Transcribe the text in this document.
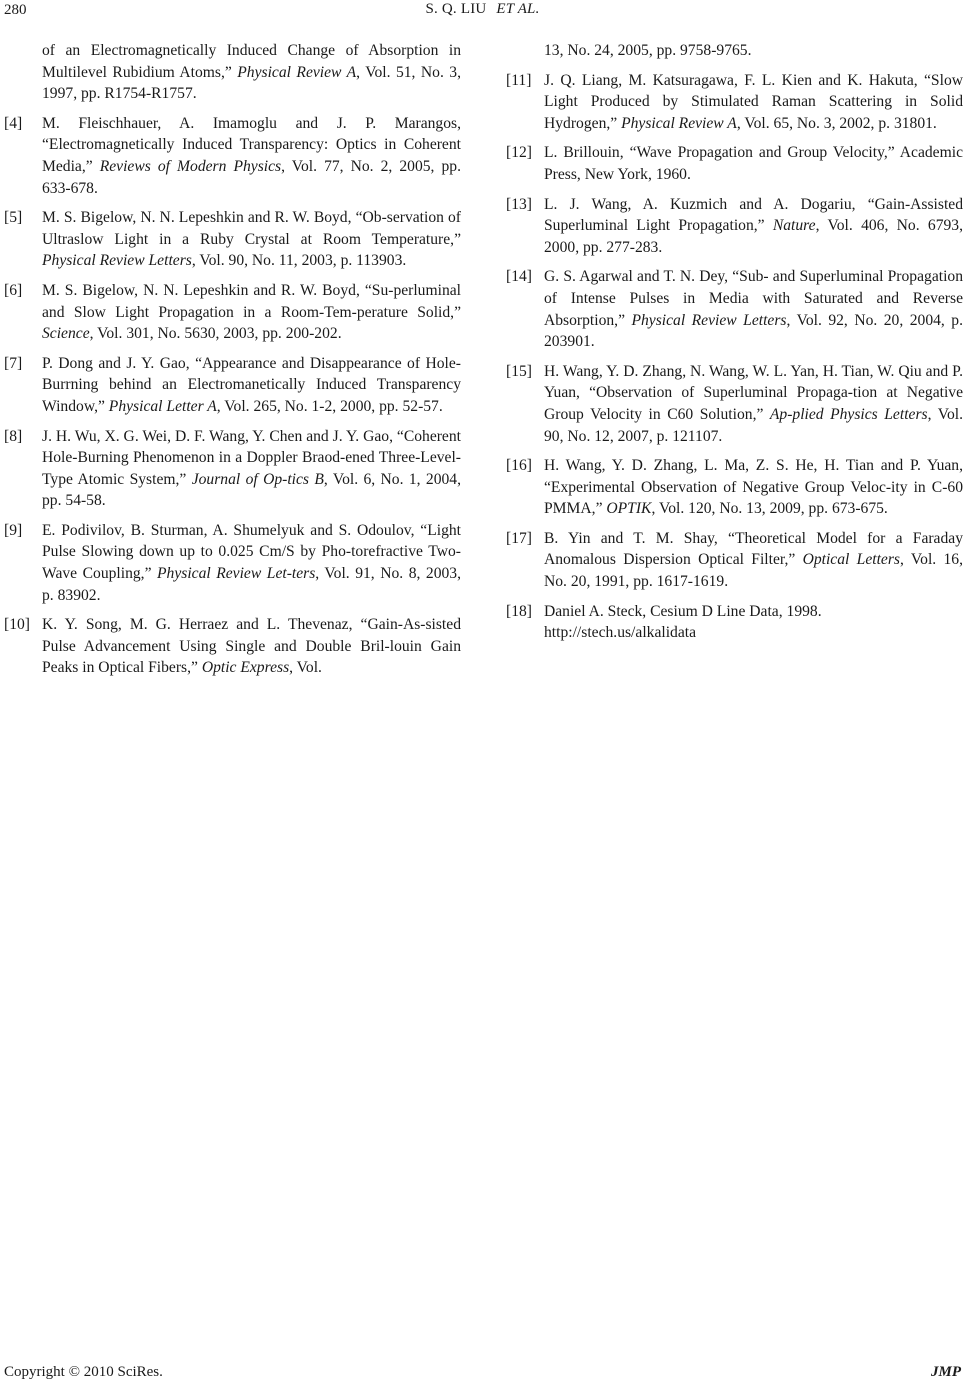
280	S. Q. LIU ET AL.
of an Electromagnetically Induced Change of Absorption in Multilevel Rubidium Atoms,” Physical Review A, Vol. 51, No. 3, 1997, pp. R1754-R1757.
[4]	M. Fleischhauer, A. Imamoglu and J. P. Marangos, “Electromagnetically Induced Transparency: Optics in Coherent Media,” Reviews of Modern Physics, Vol. 77, No. 2, 2005, pp. 633-678.
[5]	M. S. Bigelow, N. N. Lepeshkin and R. W. Boyd, “Ob-servation of Ultraslow Light in a Ruby Crystal at Room Temperature,” Physical Review Letters, Vol. 90, No. 11, 2003, p. 113903.
[6]	M. S. Bigelow, N. N. Lepeshkin and R. W. Boyd, “Su-perluminal and Slow Light Propagation in a Room-Tem-perature Solid,” Science, Vol. 301, No. 5630, 2003, pp. 200-202.
[7]	P. Dong and J. Y. Gao, “Appearance and Disappearance of Hole-Burrning behind an Electromanetically Induced Transparency Window,” Physical Letter A, Vol. 265, No. 1-2, 2000, pp. 52-57.
[8]	J. H. Wu, X. G. Wei, D. F. Wang, Y. Chen and J. Y. Gao, “Coherent Hole-Burning Phenomenon in a Doppler Braod-ened Three-Level-Type Atomic System,” Journal of Op-tics B, Vol. 6, No. 1, 2004, pp. 54-58.
[9]	E. Podivilov, B. Sturman, A. Shumelyuk and S. Odoulov, “Light Pulse Slowing down up to 0.025 Cm/S by Pho-torefractive Two-Wave Coupling,” Physical Review Let-ters, Vol. 91, No. 8, 2003, p. 83902.
[10] K. Y. Song, M. G. Herraez and L. Thevenaz, “Gain-As-sisted Pulse Advancement Using Single and Double Bril-louin Gain Peaks in Optical Fibers,” Optic Express, Vol.
13, No. 24, 2005, pp. 9758-9765.
[11] J. Q. Liang, M. Katsuragawa, F. L. Kien and K. Hakuta, “Slow Light Produced by Stimulated Raman Scattering in Solid Hydrogen,” Physical Review A, Vol. 65, No. 3, 2002, p. 31801.
[12] L. Brillouin, “Wave Propagation and Group Velocity,” Academic Press, New York, 1960.
[13] L. J. Wang, A. Kuzmich and A. Dogariu, “Gain-Assisted Superluminal Light Propagation,” Nature, Vol. 406, No. 6793, 2000, pp. 277-283.
[14] G. S. Agarwal and T. N. Dey, “Sub- and Superluminal Propagation of Intense Pulses in Media with Saturated and Reverse Absorption,” Physical Review Letters, Vol. 92, No. 20, 2004, p. 203901.
[15] H. Wang, Y. D. Zhang, N. Wang, W. L. Yan, H. Tian, W. Qiu and P. Yuan, “Observation of Superluminal Propaga-tion at Negative Group Velocity in C60 Solution,” Ap-plied Physics Letters, Vol. 90, No. 12, 2007, p. 121107.
[16] H. Wang, Y. D. Zhang, L. Ma, Z. S. He, H. Tian and P. Yuan, “Experimental Observation of Negative Group Veloc-ity in C-60 PMMA,” OPTIK, Vol. 120, No. 13, 2009, pp. 673-675.
[17] B. Yin and T. M. Shay, “Theoretical Model for a Faraday Anomalous Dispersion Optical Filter,” Optical Letters, Vol. 16, No. 20, 1991, pp. 1617-1619.
[18] Daniel A. Steck, Cesium D Line Data, 1998.
http://stech.us/alkalidata
Copyright © 2010 SciRes.	JMP
